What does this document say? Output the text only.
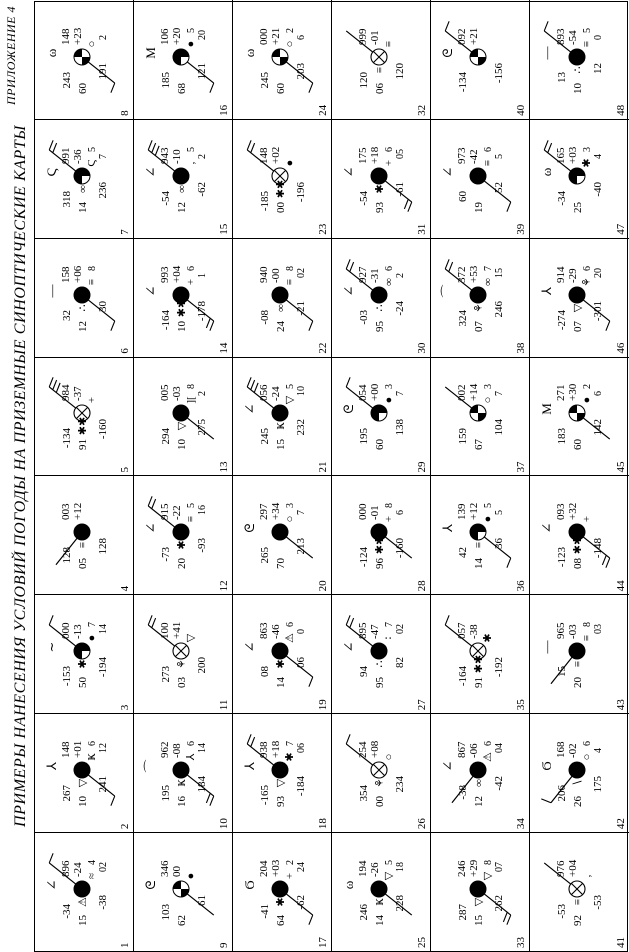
ПРИМЕРЫ НАНЕСЕНИЯ УСЛОВИЙ ПОГОДЫ НА ПРИЗЕМНЫЕ СИНОПТИЧЕСКИЕ КАРТЫ
ПРИЛОЖЕНИЕ 4
1
∠
-34
896 -24
15
⚠
≈
4
-38
02
2
⅄
267
148 +01
10
▽
Ҝ
6
241
12
3
∼
-153
000 -13
50
✱
●
7
-194
14
4
128
003 +12
05
≡ 128
5
-134
984 -37
91
✱✱
+
-160
6
—
32
158 +06
12
∴
≡
8
30
7
Ϛ
318
991 -36
14
∞
Ϛ
5
236
7
8
ω
243
148 +23
60
○
191
2
9
ᘓ
103
346 00
62
●
61
10
⌒
195
962 -08
16
Ҝ
⅄
6
184
14
11
273
100 +41
03
⚘
▽
200
12
∠
-73
915 -22
20
✱
≡
5
-93
16
13
294
005 -03
10
▽
][
8
275
2
14
∠
-164
993 +04
10
✱✱
+
6
-178
1
15
∠
-54
943 -10
12
∞
,
5
-62
2
16
Μ
185
106 +20
68
●
5
121
20
17
Ϭ
-41
204 +03
64
✱
+
2
-62
24
18
⅄
-165
938 +18
93
▽
✱
7
-184
06
19
∠
08
863 -46
14
✱
⚠
6
06
0
20
ᘓ
265
297 +34
70
○
3
213
7
21
∠
245
056 -24
15
Ҝ
▽
5
232
10
22
-08
940 -00
24
∞
≡
8
-21
02
23
-185
148 +02
00
✱✱
●
-196
24
ω
245
000 +21
60
○
2
203
6
25
ω
246
194 -26
14
Ҝ
▽
5
228
18
26
354
254 +08
00
⚘
○
234
27
∠
94
895 -47
95
∴
∶
7
82
02
28
-124
000 -01
96
✱✱
+
8
-160
6
29
ᘓ
195
054 +00
60
●
3
138
7
30
∠
-03
927 -31
95
∴
∞
6
-24
2
31
∠
-54
175 +18
93
✱
+
6
-61
05
32
120
999 -01
06
≡
≡
120
33
287
246 +29
15
▽
▽
8
262
07
34
∠
-38
867 -06
12
∞
⚠
6
-42
04
35
-164
057 -38
91
✱✱
✱
-192
36
⅄
42
139 +12
14
≡
●
5
36
5
37
159
002 +14
67
○
3
104
7
38
⌒
324
372 +53
07
⚘
∞
7
246
15
39
∠
60
973 -42
19
≡
6
52
5
40
ᘓ
-134
092 +21
-156
41
-53
976 +04
92
≡
,
-53
42
Ϭ
206
168 -02
26
∖
○
6
175
4
43
—
15
965 -03
20
≡
≡
8 03
44
∠
-123
093 +32
08
✱✱
+
-148
45
Μ
183
271 +30
60
●
2
142
6
46
⅄
-274
914 -29
07
▽
⚘
6
-301
20
47
ω
-34
165 +03
25
✱
3
-40
4
48
—
13
893 -54
10
∴
≡
5
12
0
